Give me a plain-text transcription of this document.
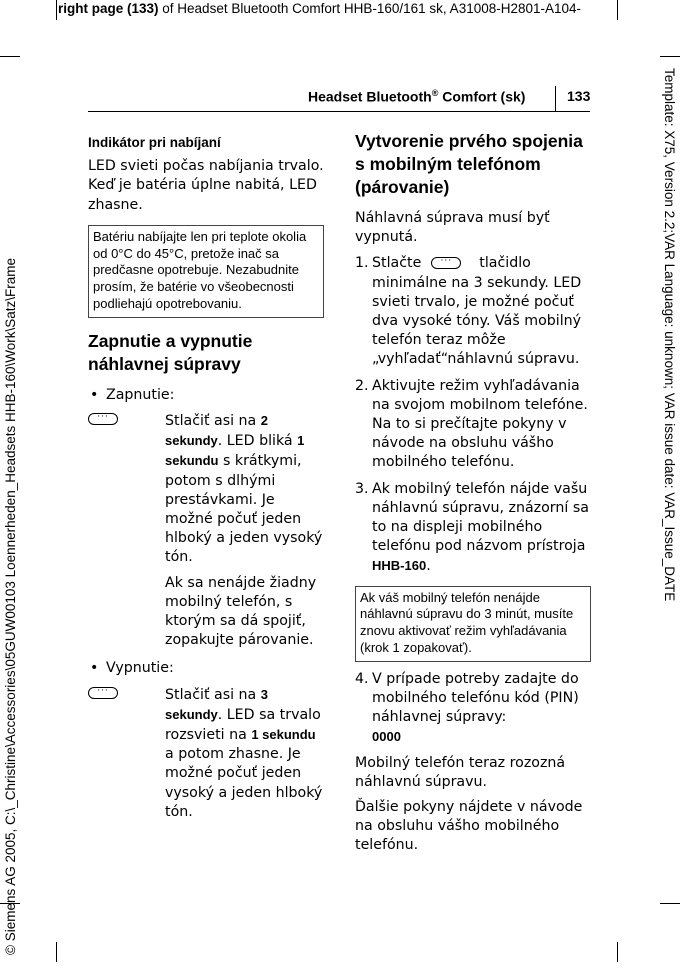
right page (133) of Headset Bluetooth Comfort HHB-160/161 sk, A31008-H2801-A104-
© Siemens AG 2005, C:\_Christine\Accessories\05GUW00103 Loennerheden_Headsets HHB-160\Work\Satz\Frame	Template: X75, Version 2.2;VAR Language: unknown; VAR issue date: VAR_Issue_DATE
Headset Bluetooth® Comfort (sk)	133

Indikátor pri nabíjaní

LED svieti počas nabíjania trvalo. Keď je batéria úplne nabitá, LED zhasne.

Batériu nabíjajte len pri teplote okolia od 0°C do 45°C, pretože inač sa predčasne opotrebuje. Nezabudnite prosím, že batérie vo všeobecnosti podliehajú opotrebovaniu.

Zapnutie a vypnutie náhlavnej súpravy

• Zapnutie:

···	Stlačiť asi na 2 sekundy. LED bliká 1 sekundu s krátkymi, potom s dlhými prestávkami. Je možné počuť jeden hlboký a jeden vysoký tón.

Ak sa nenájde žiadny mobilný telefón, s ktorým sa dá spojiť, zopakujte párovanie.

• Vypnutie:

···	Stlačiť asi na 3 sekundy. LED sa trvalo rozsvieti na 1 sekundu a potom zhasne. Je možné počuť jeden vysoký a jeden hlboký tón.

Vytvorenie prvého spojenia s mobilným telefónom (párovanie)

Náhlavná súprava musí byť vypnutá.

1. Stlačte ··· tlačidlo minimálne na 3 sekundy. LED svieti trvalo, je možné počuť dva vysoké tóny. Váš mobilný telefón teraz môže „vyhľadať“náhlavnú súpravu.

2. Aktivujte režim vyhľadávania na svojom mobilnom telefóne. Na to si prečítajte pokyny v návode na obsluhu vášho mobilného telefónu.

3. Ak mobilný telefón nájde vašu náhlavnú súpravu, znázorní sa to na displeji mobilného telefónu pod názvom prístroja HHB-160.

Ak váš mobilný telefón nenájde náhlavnú súpravu do 3 minút, musíte znovu aktivovať režim vyhľadávania (krok 1 zopakovať).
4. V prípade potreby zadajte do mobilného telefónu kód (PIN) náhlavnej súpravy:

0000

Mobilný telefón teraz rozozná náhlavnú súpravu.

Ďalšie pokyny nájdete v návode na obsluhu vášho mobilného telefónu.
